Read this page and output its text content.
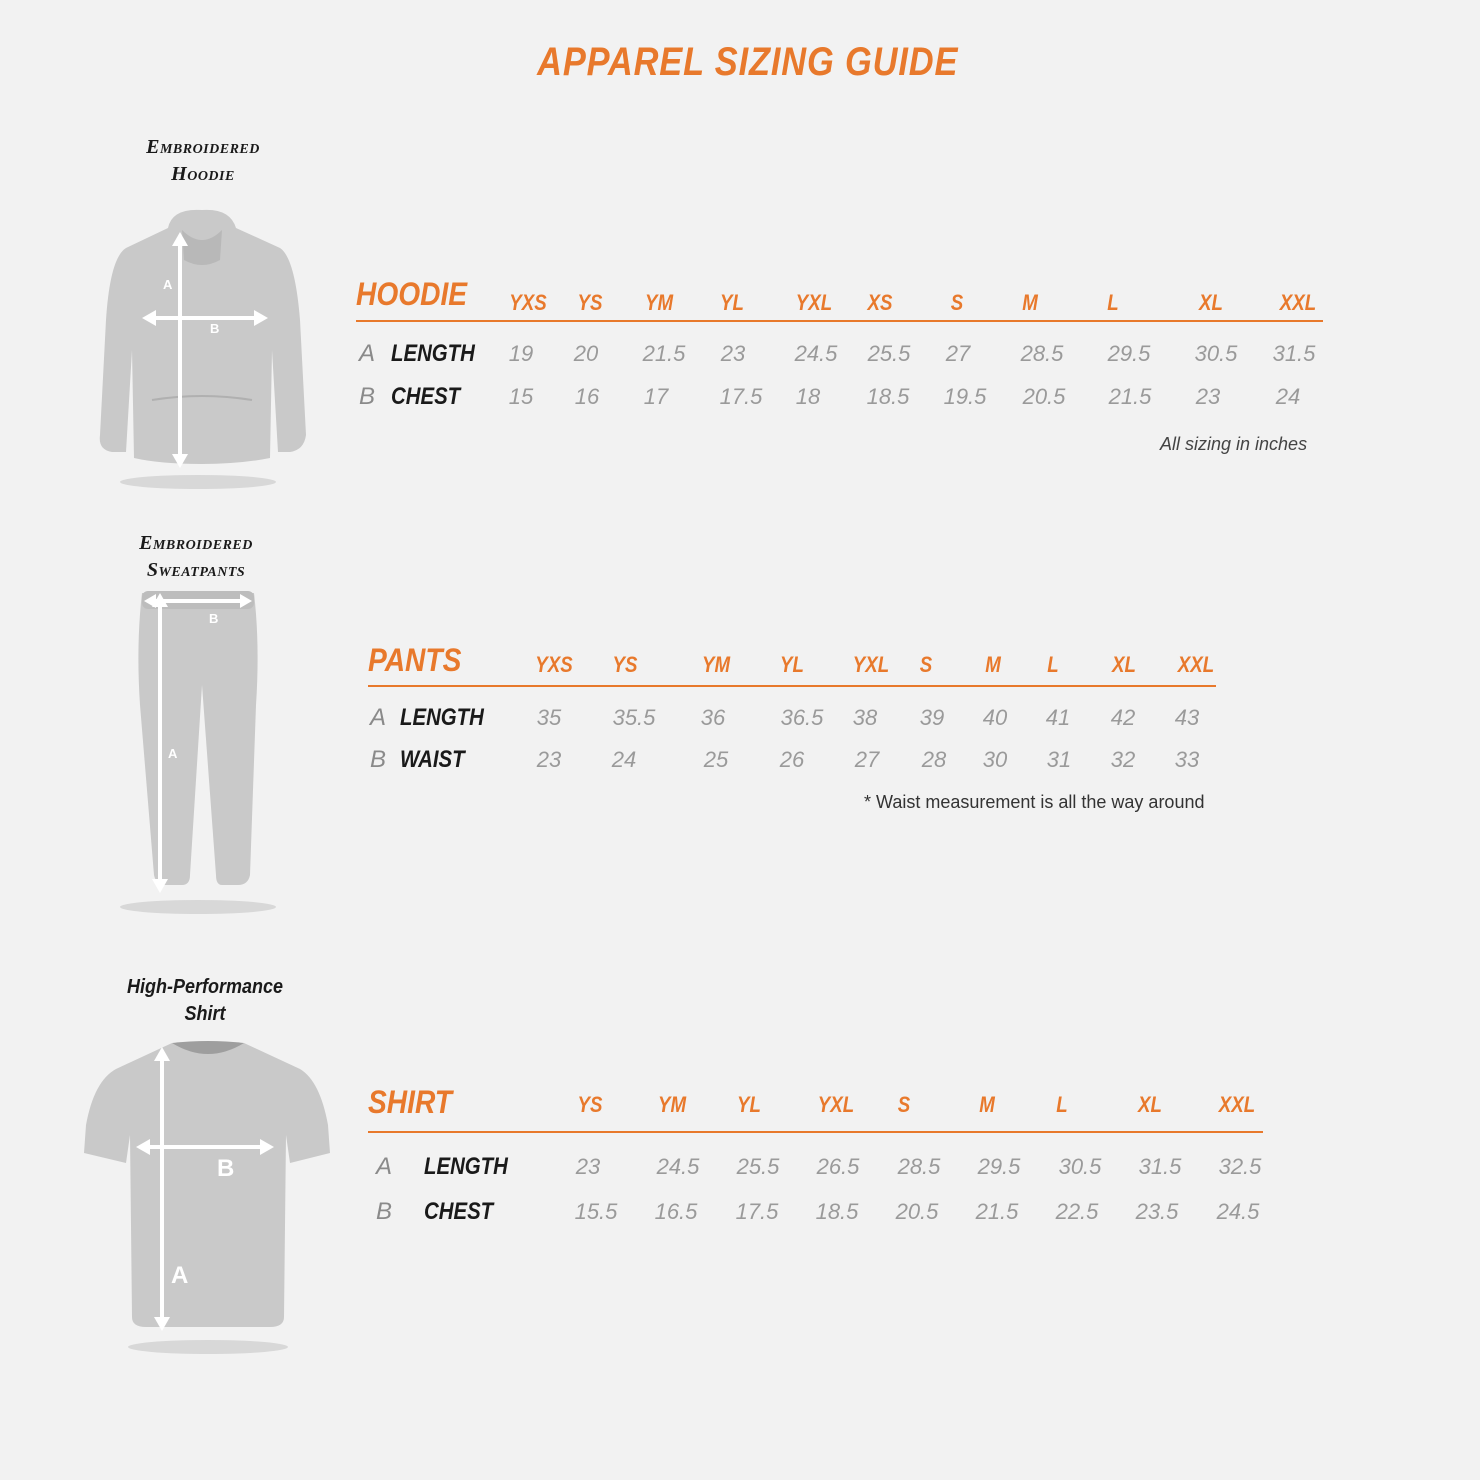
APPAREL SIZING GUIDE
Embroidered
Hoodie
A
B
HOODIE YXS YS YM YL YXL XS	S	M	L	XL	XXL
A LENGTH 19 20 21.5 23 24.5 25.5 27 28.5 29.5 30.5 31.5
B CHEST 15 16 17 17.5 18 18.5 19.5 20.5 21.5 23	24
All sizing in inches
Embroidered
Sweatpants
A
B
PANTS	YXS YS	YM YL YXL S M L XL XXL
A LENGTH 35 35.5 36	36.5 38 39 40 41 42 43
B WAIST	23 24	25 26 27 28 30 31 32 33
* Waist measurement is all the way around
High-Performance
Shirt
A
B
SHIRT	YS	YM YL	YXL S	M	L	XL	XXL
A LENGTH	23	24.5 25.5 26.5 28.5 29.5 30.5 31.5 32.5
B CHEST	15.5 16.5 17.5 18.5 20.5 21.5 22.5 23.5 24.5
